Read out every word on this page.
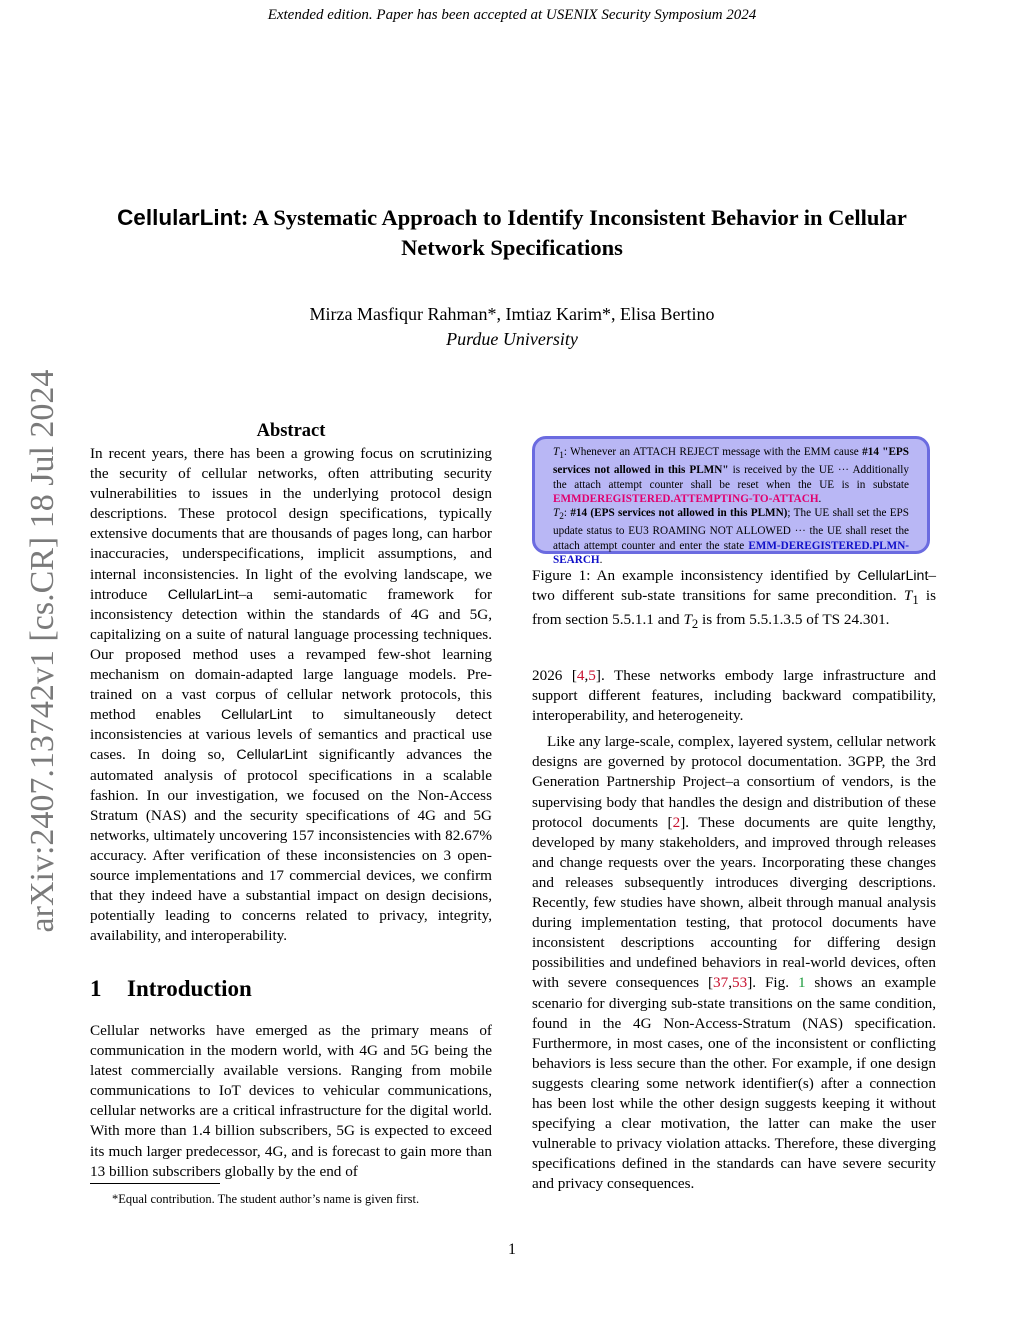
Extended edition. Paper has been accepted at USENIX Security Symposium 2024
CellularLint: A Systematic Approach to Identify Inconsistent Behavior in Cellular
Network Specifications
Mirza Masfiqur Rahman*, Imtiaz Karim*, Elisa Bertino
Purdue University
arXiv:2407.13742v1 [cs.CR] 18 Jul 2024	Abstract

In recent years, there has been a growing focus on scrutinizing the security of cellular networks, often attributing security vulnerabilities to issues in the underlying protocol design descriptions. These protocol design specifications, typically extensive documents that are thousands of pages long, can harbor inaccuracies, underspecifications, implicit assumptions, and internal inconsistencies. In light of the evolving landscape, we introduce CellularLint–a semi-automatic framework for inconsistency detection within the standards of 4G and 5G, capitalizing on a suite of natural language processing techniques. Our proposed method uses a revamped few-shot learning mechanism on domain-adapted large language models. Pre-trained on a vast corpus of cellular network protocols, this method enables CellularLint to simultaneously detect inconsistencies at various levels of semantics and practical use cases. In doing so, CellularLint significantly advances the automated analysis of protocol specifications in a scalable fashion. In our investigation, we focused on the Non-Access Stratum (NAS) and the security specifications of 4G and 5G networks, ultimately uncovering 157 inconsistencies with 82.67% accuracy. After verification of these inconsistencies on 3 open-source implementations and 17 commercial devices, we confirm that they indeed have a substantial impact on design decisions, potentially leading to concerns related to privacy, integrity, availability, and interoperability.

1 Introduction

Cellular networks have emerged as the primary means of communication in the modern world, with 4G and 5G being the latest commercially available versions. Ranging from mobile communications to IoT devices to vehicular communications, cellular networks are a critical infrastructure for the digital world. With more than 1.4 billion subscribers, 5G is expected to exceed its much larger predecessor, 4G, and is forecast to gain more than 13 billion subscribers globally by the end of

*Equal contribution. The student author’s name is given first.

$T_1$: Whenever an ATTACH REJECT message with the EMM cause #14 "EPS services not allowed in this PLMN" is received by the UE ··· Additionally the attach attempt counter shall be reset when the UE is in substate EMMDEREGISTERED.ATTEMPTING-TO-ATTACH.

$T_2$: #14 (EPS services not allowed in this PLMN); The UE shall set the EPS update status to EU3 ROAMING NOT ALLOWED ··· the UE shall reset the attach attempt counter and enter the state EMM-DEREGISTERED.PLMN-SEARCH.

Figure 1: An example inconsistency identified by CellularLint–two different sub-state transitions for same precondition. $T_1$ is from section 5.5.1.1 and $T_2$ is from 5.5.1.3.5 of TS 24.301.

2026 [4,5]. These networks embody large infrastructure and support different features, including backward compatibility, interoperability, and heterogeneity.

Like any large-scale, complex, layered system, cellular network designs are governed by protocol documentation. 3GPP, the 3rd Generation Partnership Project–a consortium of vendors, is the supervising body that handles the design and distribution of these protocol documents [2]. These documents are quite lengthy, developed by many stakeholders, and improved through releases and change requests over the years. Incorporating these changes and releases subsequently introduces diverging descriptions. Recently, few studies have shown, albeit through manual analysis during implementation testing, that protocol documents have inconsistent descriptions accounting for differing design possibilities and undefined behaviors in real-world devices, often with severe consequences [37,53]. Fig. 1 shows an example scenario for diverging sub-state transitions on the same condition, found in the 4G Non-Access-Stratum (NAS) specification. Furthermore, in most cases, one of the inconsistent or conflicting behaviors is less secure than the other. For example, if one design suggests clearing some network identifier(s) after a connection has been lost while the other design suggests keeping it without specifying a clear motivation, the latter can make the user vulnerable to privacy violation attacks. Therefore, these diverging specifications defined in the standards can have severe security and privacy consequences.

1
